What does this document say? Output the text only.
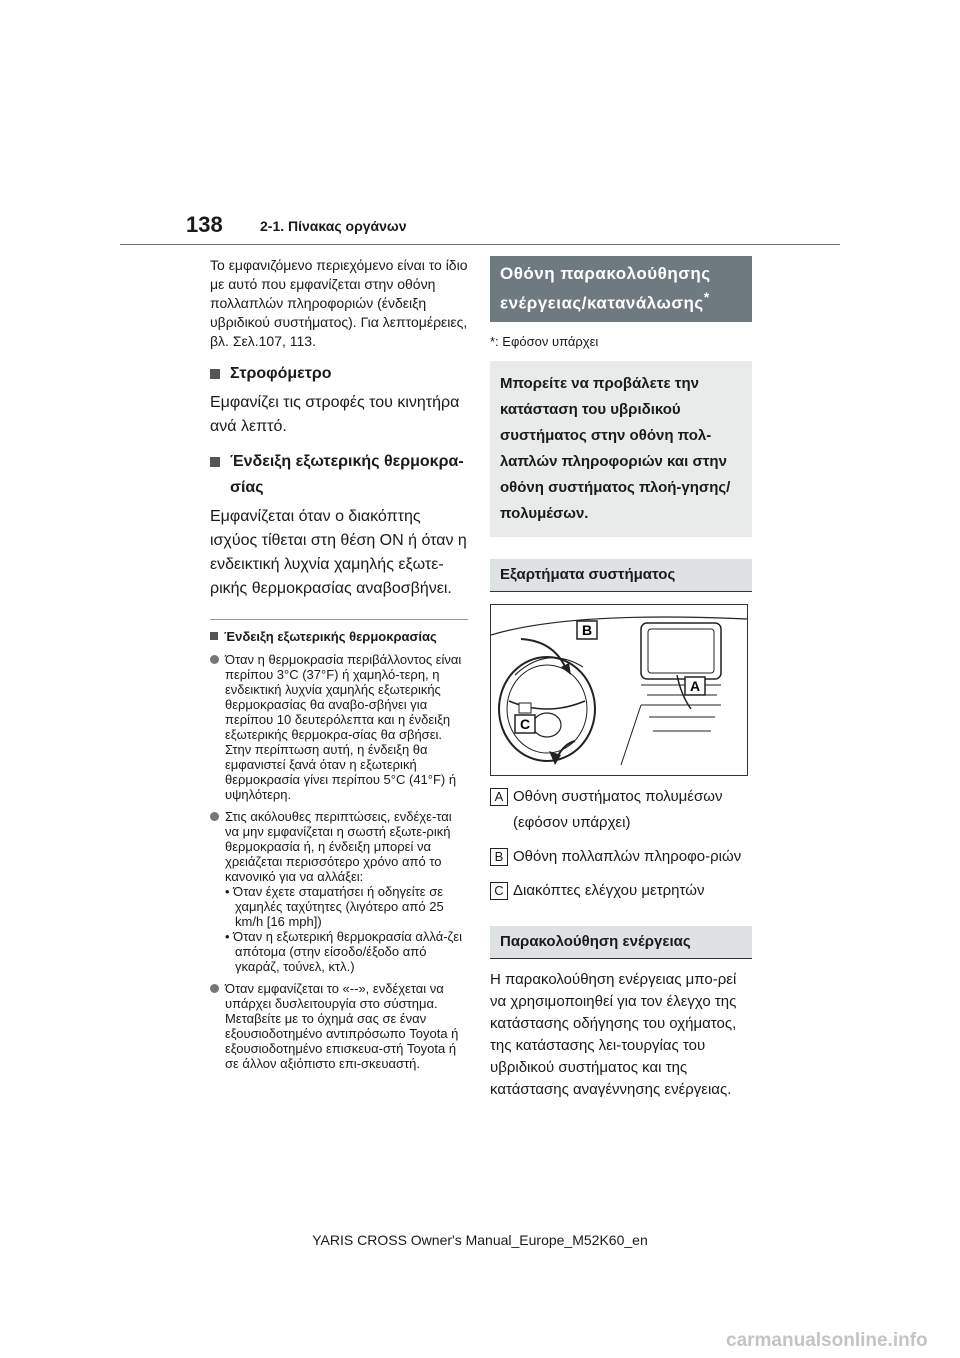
138	2-1. Πίνακας οργάνων

Το εμφανιζόμενο περιεχόμενο είναι το ίδιο με αυτό που εμφανίζεται στην οθόνη πολλαπλών πληροφοριών (ένδειξη υβριδικού συστήματος). Για λεπτομέρειες, βλ. Σελ.107, 113.

Στροφόμετρο

Εμφανίζει τις στροφές του κινητήρα ανά λεπτό.

Ένδειξη εξωτερικής θερμοκρα-σίας

Εμφανίζεται όταν ο διακόπτης ισχύος τίθεται στη θέση ON ή όταν η ενδεικτική λυχνία χαμηλής εξωτε-ρικής θερμοκρασίας αναβοσβήνει.

Ένδειξη εξωτερικής θερμοκρασίας
Όταν η θερμοκρασία περιβάλλοντος είναι περίπου 3°C (37°F) ή χαμηλό-τερη, η ενδεικτική λυχνία χαμηλής εξωτερικής θερμοκρασίας θα αναβο-σβήνει για περίπου 10 δευτερόλεπτα και η ένδειξη εξωτερικής θερμοκρα-σίας θα σβήσει. Στην περίπτωση αυτή, η ένδειξη θα εμφανιστεί ξανά όταν η εξωτερική θερμοκρασία γίνει περίπου 5°C (41°F) ή υψηλότερη.
Στις ακόλουθες περιπτώσεις, ενδέχε-ται να μην εμφανίζεται η σωστή εξωτε-ρική θερμοκρασία ή, η ένδειξη μπορεί να χρειάζεται περισσότερο χρόνο από το κανονικό για να αλλάξει:
• Όταν έχετε σταματήσει ή οδηγείτε σε χαμηλές ταχύτητες (λιγότερο από 25 km/h [16 mph])
• Όταν η εξωτερική θερμοκρασία αλλά-ζει απότομα (στην είσοδο/έξοδο από γκαράζ, τούνελ, κτλ.)
Όταν εμφανίζεται το «--», ενδέχεται να υπάρχει δυσλειτουργία στο σύστημα. Μεταβείτε με το όχημά σας σε έναν εξουσιοδοτημένο αντιπρόσωπο Toyota ή εξουσιοδοτημένο επισκευα-στή Toyota ή σε άλλον αξιόπιστο επι-σκευαστή.
Οθόνη παρακολούθησης ενέργειας/κατανάλωσης*

*: Εφόσον υπάρχει

Μπορείτε να προβάλετε την κατάσταση του υβριδικού συστήματος στην οθόνη πολ-λαπλών πληροφοριών και στην οθόνη συστήματος πλοή-γησης/πολυμέσων.
Εξαρτήματα συστήματος
B
A
C
A Οθόνη συστήματος πολυμέσων (εφόσον υπάρχει)
B Οθόνη πολλαπλών πληροφο-ριών
C Διακόπτες ελέγχου μετρητών
Παρακολούθηση ενέργειας

Η παρακολούθηση ενέργειας μπο-ρεί να χρησιμοποιηθεί για τον έλεγχο της κατάστασης οδήγησης του οχήματος, της κατάστασης λει-τουργίας του υβριδικού συστήματος και της κατάστασης αναγέννησης ενέργειας.

YARIS CROSS Owner's Manual_Europe_M52K60_en
carmanualsonline.info
